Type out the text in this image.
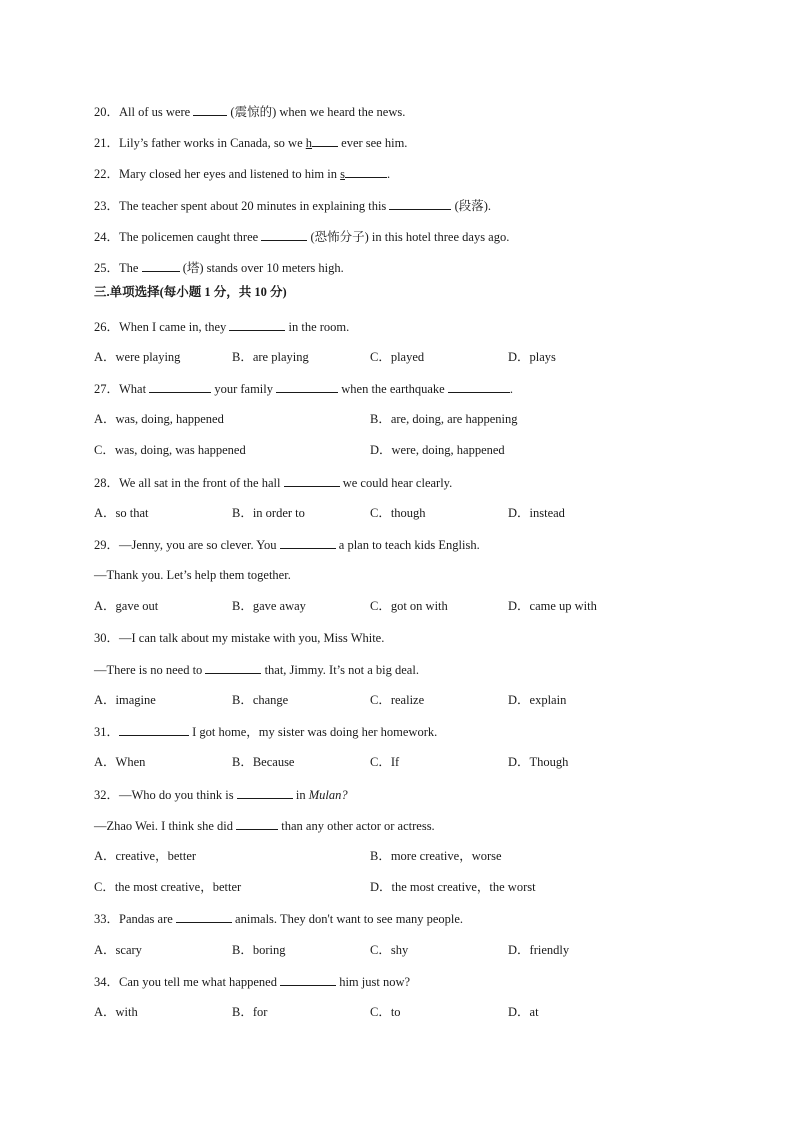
20．All of us were	(震惊的) when we heard the news.
21．Lily’s father works in Canada, so we h ever see him.
22．Mary closed her eyes and listened to him in s	.
23．The teacher spent about 20 minutes in explaining this	(段落).
24．The policemen caught three	(恐怖分子) in this hotel three days ago.
25．The	(塔) stands over 10 meters high.
三.单项选择(每小题 1 分，共 10 分)
26．When I came in, they	in the room.
A．were playing	B．are playing	C．played	D．plays
27．What	your family	when the earthquake	.
A．was, doing, happened	B．are, doing, are happening
C．was, doing, was happened	D．were, doing, happened
28．We all sat in the front of the hall	we could hear clearly.
A．so that	B．in order to	C．though	D．instead
29．—Jenny, you are so clever. You	a plan to teach kids English.
—Thank you. Let’s help them together.
A．gave out	B．gave away	C．got on with	D．came up with
30．—I can talk about my mistake with you, Miss White.
—There is no need to	that, Jimmy. It’s not a big deal.
A．imagine	B．change	C．realize	D．explain
31．	I got home，my sister was doing her homework.
A．When	B．Because	C．If	D．Though
32．—Who do you think is	in Mulan?
—Zhao Wei. I think she did	than any other actor or actress.
A．creative，better	B．more creative，worse
C．the most creative，better	D．the most creative，the worst
33．Pandas are	animals. They don't want to see many people.
A．scary	B．boring	C．shy	D．friendly
34．Can you tell me what happened	him just now?
A．with	B．for	C．to	D．at
